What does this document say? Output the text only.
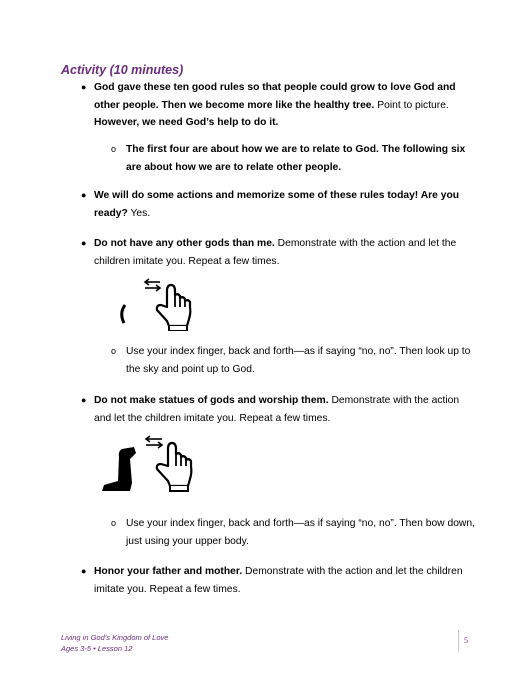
Activity (10 minutes)
● God gave these ten good rules so that people could grow to love God and other people. Then we become more like the healthy tree. Point to picture. However, we need God’s help to do it.

o The first four are about how we are to relate to God. The following six are about how we are to relate other people.

● We will do some actions and memorize some of these rules today! Are you ready? Yes.

● Do not have any other gods than me. Demonstrate with the action and let the children imitate you. Repeat a few times.

o Use your index finger, back and forth—as if saying “no, no”. Then look up to the sky and point up to God.

● Do not make statues of gods and worship them. Demonstrate with the action and let the children imitate you. Repeat a few times.

o Use your index finger, back and forth—as if saying “no, no”. Then bow down, just using your upper body.

● Honor your father and mother. Demonstrate with the action and let the children imitate you. Repeat a few times.

Living in God’s Kingdom of Love
Ages 3-5 • Lesson 12
5
